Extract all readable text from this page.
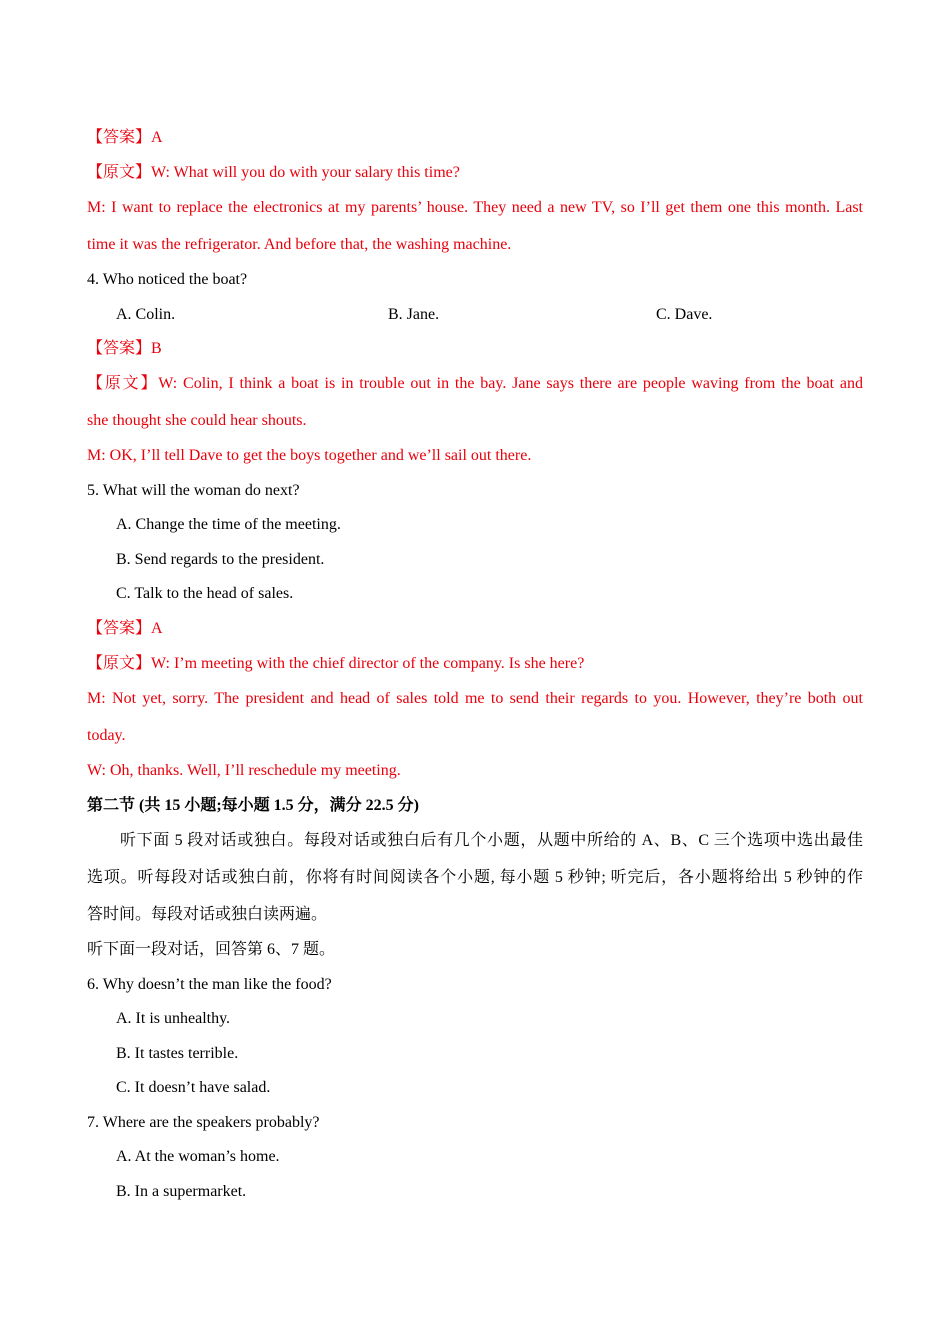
【答案】A
【原文】W: What will you do with your salary this time?
M: I want to replace the electronics at my parents’ house. They need a new TV, so I’ll get them one this month. Last
time it was the refrigerator. And before that, the washing machine.
4. Who noticed the boat?
A. Colin.	B. Jane.	C. Dave.
【答案】B
【原文】W: Colin, I think a boat is in trouble out in the bay. Jane says there are people waving from the boat and
she thought she could hear shouts.
M: OK, I’ll tell Dave to get the boys together and we’ll sail out there.
5. What will the woman do next?
A. Change the time of the meeting.
B. Send regards to the president.
C. Talk to the head of sales.
【答案】A
【原文】W: I’m meeting with the chief director of the company. Is she here?
M: Not yet, sorry. The president and head of sales told me to send their regards to you. However, they’re both out
today.
W: Oh, thanks. Well, I’ll reschedule my meeting.
第二节 (共 15 小题;每小题 1.5 分，满分 22.5 分)
听下面 5 段对话或独白。每段对话或独白后有几个小题，从题中所给的 A、B、C 三个选项中选出最佳
选项。听每段对话或独白前，你将有时间阅读各个小题, 每小题 5 秒钟; 听完后，各小题将给出 5 秒钟的作
答时间。每段对话或独白读两遍。
听下面一段对话，回答第 6、7 题。
6. Why doesn’t the man like the food?
A. It is unhealthy.
B. It tastes terrible.
C. It doesn’t have salad.
7. Where are the speakers probably?
A. At the woman’s home.
B. In a supermarket.
